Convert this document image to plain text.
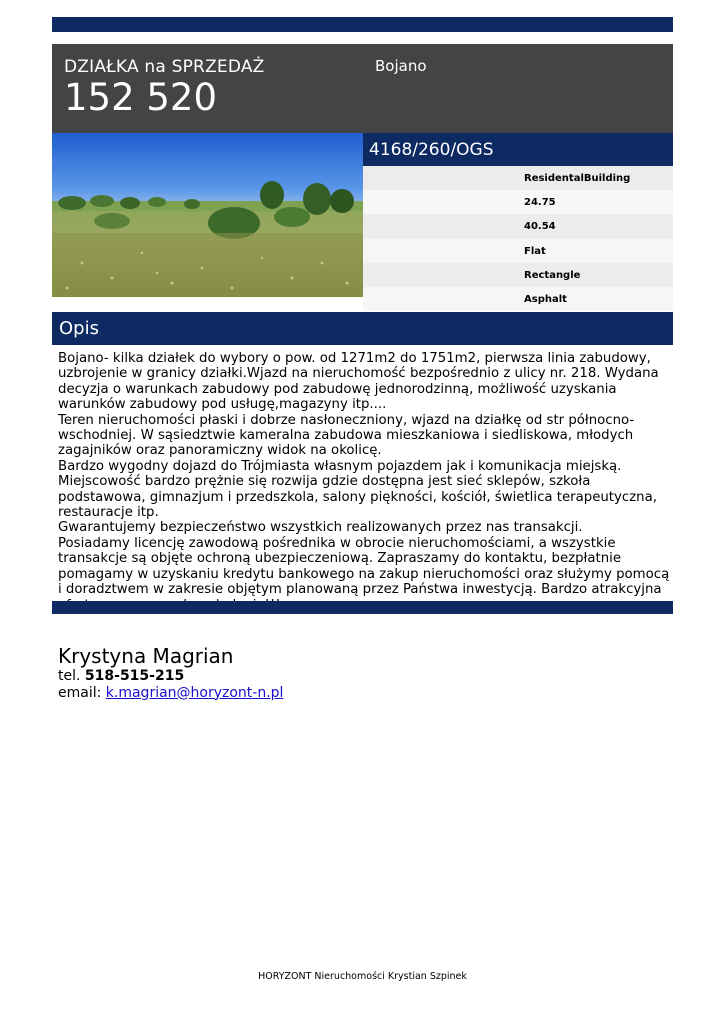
DZIAŁKA na SPRZEDAŻ
152 520
Bojano
4168/260/OGS
ResidentalBuilding
24.75
40.54
Flat
Rectangle
Asphalt
Opis

Bojano- kilka działek do wybory o pow. od 1271m2 do 1751m2, pierwsza linia zabudowy, uzbrojenie w granicy działki.Wjazd na nieruchomość bezpośrednio z ulicy nr. 218. Wydana decyzja o warunkach zabudowy pod zabudowę jednorodzinną, możliwość uzyskania warunków zabudowy pod usługę,magazyny itp....

Teren nieruchomości płaski i dobrze nasłoneczniony, wjazd na działkę od str północno- wschodniej. W sąsiedztwie kameralna zabudowa mieszkaniowa i siedliskowa, młodych zagajników oraz panoramiczny widok na okolicę.

Bardzo wygodny dojazd do Trójmiasta własnym pojazdem jak i komunikacja miejską. Miejscowość bardzo prężnie się rozwija gdzie dostępna jest sieć sklepów, szkoła podstawowa, gimnazjum i przedszkola, salony piękności, kościół, świetlica terapeutyczna, restauracje itp.

Gwarantujemy bezpieczeństwo wszystkich realizowanych przez nas transakcji.

Posiadamy licencję zawodową pośrednika w obrocie nieruchomościami, a wszystkie transakcje są objęte ochroną ubezpieczeniową. Zapraszamy do kontaktu, bezpłatnie pomagamy w uzyskaniu kredytu bankowego na zakup nieruchomości oraz służymy pomocą i doradztwem w zakresie objętym planowaną przez Państwa inwestycją. Bardzo atrakcyjna

Krystyna Magrian
tel. 518-515-215
email: k.magrian@horyzont-n.pl
HORYZONT Nieruchomości Krystian Szpinek
